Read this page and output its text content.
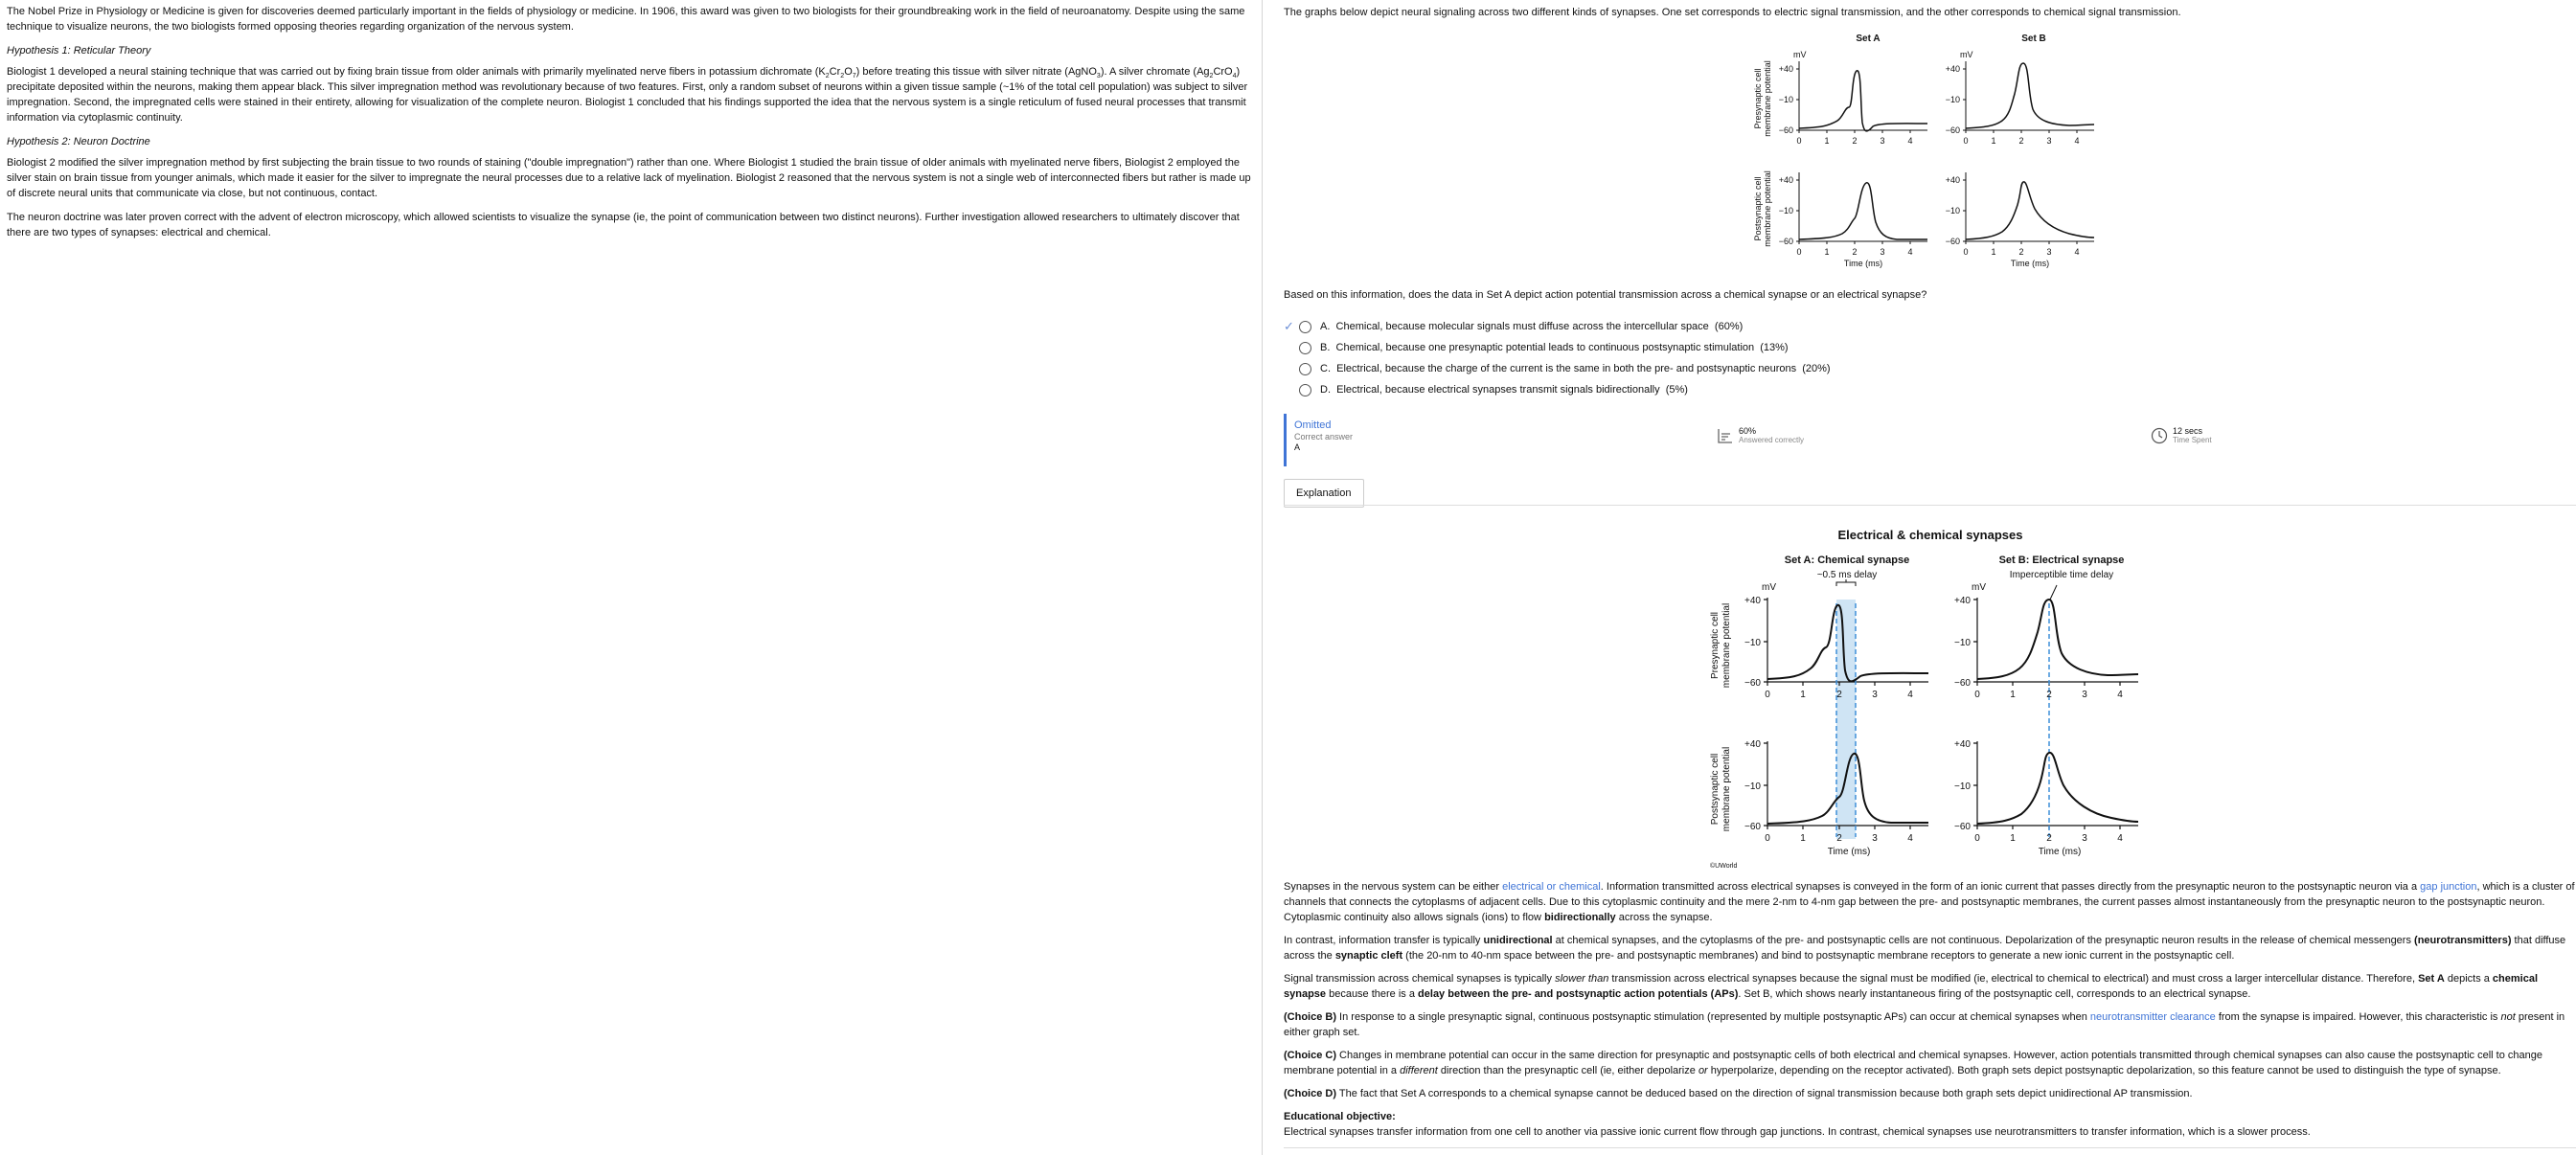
The Nobel Prize in Physiology or Medicine is given for discoveries deemed particularly important in the fields of physiology or medicine. In 1906, this award was given to two biologists for their groundbreaking work in the field of neuroanatomy. Despite using the same technique to visualize neurons, the two biologists formed opposing theories regarding organization of the nervous system.

Hypothesis 1: Reticular Theory

Biologist 1 developed a neural staining technique that was carried out by fixing brain tissue from older animals with primarily myelinated nerve fibers in potassium dichromate $(K_2Cr_2O_7)$ before treating this tissue with silver nitrate (AgNO$_3$). A silver chromate $(Ag_2CrO_4)$ precipitate deposited within the neurons, making them appear black. This silver impregnation method was revolutionary because of two features. First, only a random subset of neurons within a given tissue sample (~1% of the total cell population) was subject to silver impregnation. Second, the impregnated cells were stained in their entirety, allowing for visualization of the complete neuron. Biologist 1 concluded that his findings supported the idea that the nervous system is a single reticulum of fused neural processes that transmit information via cytoplasmic continuity.

Hypothesis 2: Neuron Doctrine

Biologist 2 modified the silver impregnation method by first subjecting the brain tissue to two rounds of staining ("double impregnation") rather than one. Where Biologist 1 studied the brain tissue of older animals with myelinated nerve fibers, Biologist 2 employed the silver stain on brain tissue from younger animals, which made it easier for the silver to impregnate the neural processes due to a relative lack of myelination. Biologist 2 reasoned that the nervous system is not a single web of interconnected fibers but rather is made up of discrete neural units that communicate via close, but not continuous, contact.

The neuron doctrine was later proven correct with the advent of electron microscopy, which allowed scientists to visualize the synapse (ie, the point of communication between two distinct neurons). Further investigation allowed researchers to ultimately discover that there are two types of synapses: electrical and chemical.

The graphs below depict neural signaling across two different kinds of synapses. One set corresponds to electric signal transmission, and the other corresponds to chemical signal transmission.

Set A	Set B
Presynaptic cell membrane potential
Postsynaptic cell membrane potential
mV	mV
+40
−10
−60
+40
−10
−60
+40
−10
−60
+40
−10
−60
0	1	2	3	4	0	1	2	3	4
0	1	2	3	4	0	1	2	3	4
Time (ms)	Time (ms)

Based on this information, does the data in Set A depict action potential transmission across a chemical synapse or an electrical synapse?

✓ A.
Chemical, because molecular signals must diffuse across the intercellular space
(60%)
B.
Chemical, because one presynaptic potential leads to continuous postsynaptic stimulation
(13%)
C.
Electrical, because the charge of the current is the same in both the pre- and postsynaptic neurons
(20%)
D.
Electrical, because electrical synapses transmit signals bidirectionally
(5%)
Omitted
Correct answer
A
60%
Answered correctly
12 secs
Time Spent
Explanation
Electrical & chemical synapses
Set A: Chemical synapse
~0.5 ms delay
Set B: Electrical synapse
Imperceptible time delay
Presynaptic cell membrane potential
Postsynaptic cell membrane potential
mV	mV
+40
−10
−60
+40
−10
−60
+40
−10
−60
+40
−10
−60
0	1	2	3	4	0	1	2	3	4
0	1	2	3	4	0	1	2	3	4
Time (ms)	Time (ms)
©UWorld

Synapses in the nervous system can be either electrical or chemical. Information transmitted across electrical synapses is conveyed in the form of an ionic current that passes directly from the presynaptic neuron to the postsynaptic neuron via a gap junction, which is a cluster of channels that connects the cytoplasms of adjacent cells. Due to this cytoplasmic continuity and the mere 2-nm to 4-nm gap between the pre- and postsynaptic membranes, the current passes almost instantaneously from the presynaptic neuron to the postsynaptic neuron. Cytoplasmic continuity also allows signals (ions) to flow bidirectionally across the synapse.

In contrast, information transfer is typically unidirectional at chemical synapses, and the cytoplasms of the pre- and postsynaptic cells are not continuous. Depolarization of the presynaptic neuron results in the release of chemical messengers (neurotransmitters) that diffuse across the synaptic cleft (the 20-nm to 40-nm space between the pre- and postsynaptic membranes) and bind to postsynaptic membrane receptors to generate a new ionic current in the postsynaptic cell.

Signal transmission across chemical synapses is typically slower than transmission across electrical synapses because the signal must be modified (ie, electrical to chemical to electrical) and must cross a larger intercellular distance. Therefore, Set A depicts a chemical synapse because there is a delay between the pre- and postsynaptic action potentials (APs). Set B, which shows nearly instantaneous firing of the postsynaptic cell, corresponds to an electrical synapse.

(Choice B) In response to a single presynaptic signal, continuous postsynaptic stimulation (represented by multiple postsynaptic APs) can occur at chemical synapses when neurotransmitter clearance from the synapse is impaired. However, this characteristic is not present in either graph set.

(Choice C) Changes in membrane potential can occur in the same direction for presynaptic and postsynaptic cells of both electrical and chemical synapses. However, action potentials transmitted through chemical synapses can also cause the postsynaptic cell to change membrane potential in a different direction than the presynaptic cell (ie, either depolarize or hyperpolarize, depending on the receptor activated). Both graph sets depict postsynaptic depolarization, so this feature cannot be used to distinguish the type of synapse.

(Choice D) The fact that Set A corresponds to a chemical synapse cannot be deduced based on the direction of signal transmission because both graph sets depict unidirectional AP transmission.

Educational objective:

Electrical synapses transfer information from one cell to another via passive ionic current flow through gap junctions. In contrast, chemical synapses use neurotransmitters to transfer information, which is a slower process.
